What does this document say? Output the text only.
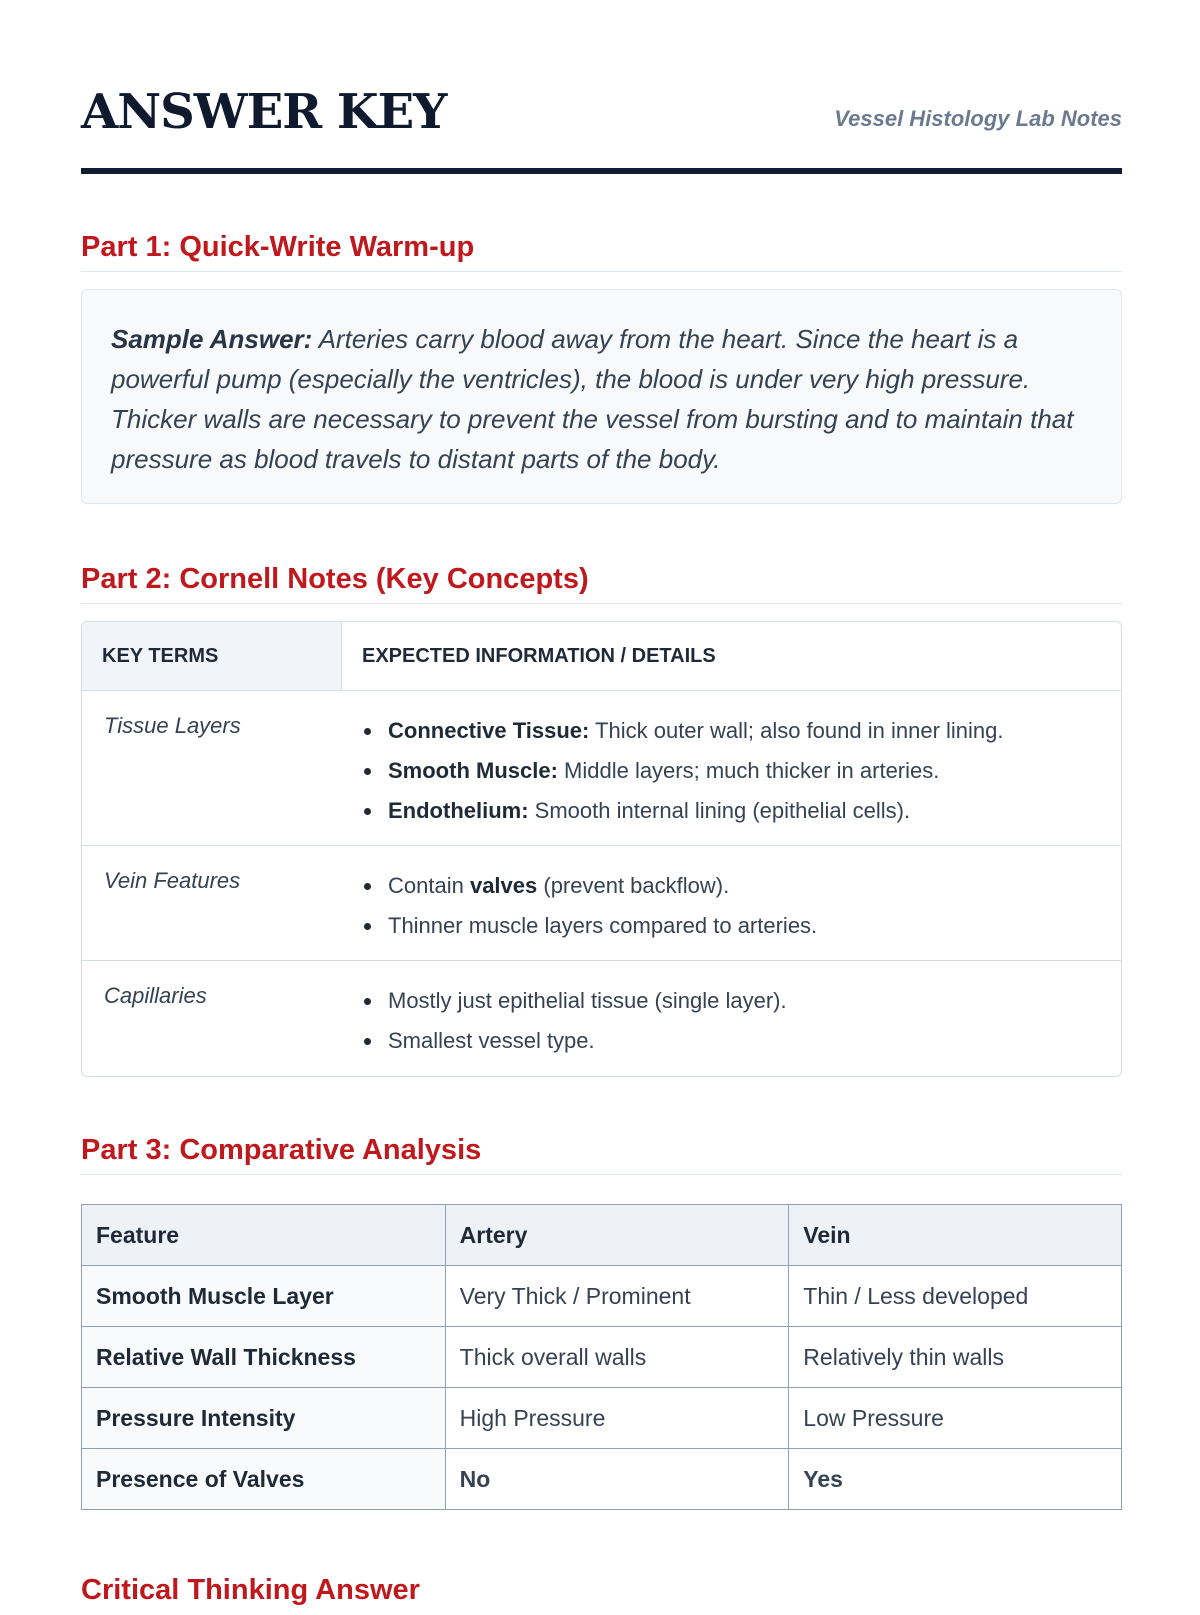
ANSWER KEY	Vessel Histology Lab Notes
Part 1: Quick-Write Warm-up
Sample Answer: Arteries carry blood away from the heart. Since the heart is a powerful pump (especially the ventricles), the blood is under very high pressure. Thicker walls are necessary to prevent the vessel from bursting and to maintain that pressure as blood travels to distant parts of the body.
Part 2: Cornell Notes (Key Concepts)
KEY TERMS	EXPECTED INFORMATION / DETAILS
Tissue Layers	Connective Tissue: Thick outer wall; also found in inner lining.
Smooth Muscle: Middle layers; much thicker in arteries.
Endothelium: Smooth internal lining (epithelial cells).
Vein Features	Contain valves (prevent backflow).
Thinner muscle layers compared to arteries.
Capillaries	Mostly just epithelial tissue (single layer).
Smallest vessel type.
Part 3: Comparative Analysis
Feature	Artery	Vein
Smooth Muscle Layer	Very Thick / Prominent	Thin / Less developed
Relative Wall Thickness	Thick overall walls	Relatively thin walls
Pressure Intensity	High Pressure	Low Pressure
Presence of Valves	No	Yes
Critical Thinking Answer
